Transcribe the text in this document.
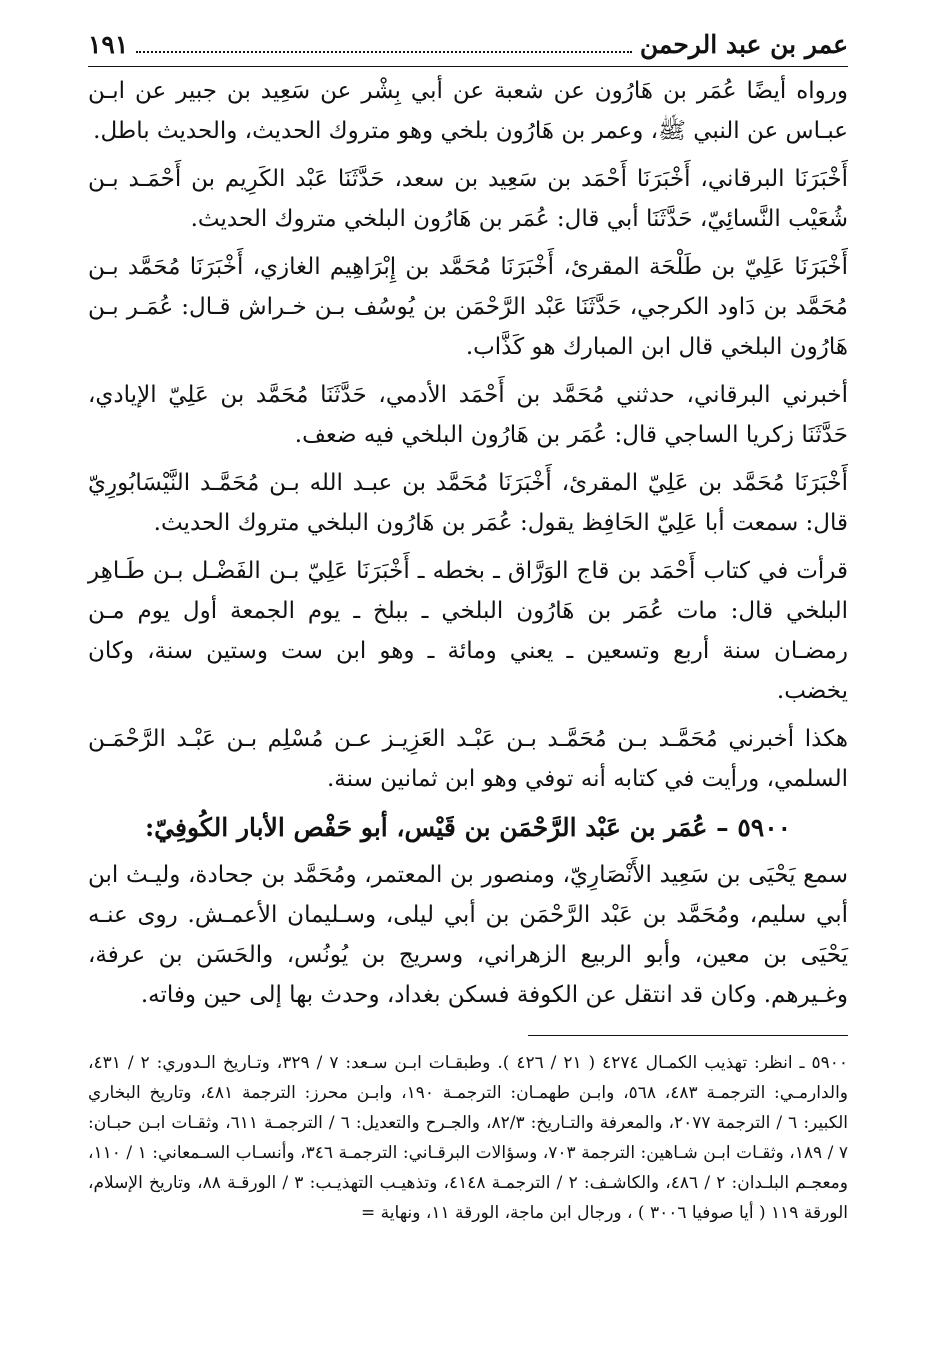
عمر بن عبد الرحمن
١٩١

ورواه أيضًا عُمَر بن هَارُون عن شعبة عن أبي بِشْر عن سَعِيد بن جبير عن ابـن عبـاس عن النبي ﷺ، وعمر بن هَارُون بلخي وهو متروك الحديث، والحديث باطل.

أَخْبَرَنَا البرقاني، أَخْبَرَنَا أَحْمَد بن سَعِيد بن سعد، حَدَّثَنَا عَبْد الكَرِيم بن أَحْمَـد بـن شُعَيْب النَّسائِيّ، حَدَّثَنَا أبي قال: عُمَر بن هَارُون البلخي متروك الحديث.

أَخْبَرَنَا عَلِيّ بن طَلْحَة المقرئ، أَخْبَرَنَا مُحَمَّد بن إِبْرَاهِيم الغازي، أَخْبَرَنَا مُحَمَّد بـن مُحَمَّد بن دَاود الكرجي، حَدَّثَنَا عَبْد الرَّحْمَن بن يُوسُف بـن خـراش قـال: عُمَـر بـن هَارُون البلخي قال ابن المبارك هو كَذَّاب.

أخبرني البرقاني، حدثني مُحَمَّد بن أَحْمَد الأدمي، حَدَّثَنَا مُحَمَّد بن عَلِيّ الإيادي، حَدَّثَنَا زكريا الساجي قال: عُمَر بن هَارُون البلخي فيه ضعف.

أَخْبَرَنَا مُحَمَّد بن عَلِيّ المقرئ، أَخْبَرَنَا مُحَمَّد بن عبـد الله بـن مُحَمَّـد النَّيْسَابُورِيّ قال: سمعت أبا عَلِيّ الحَافِظ يقول: عُمَر بن هَارُون البلخي متروك الحديث.

قرأت في كتاب أَحْمَد بن قاج الوَرَّاق ـ بخطه ـ أَخْبَرَنَا عَلِيّ بـن الفَضْـل بـن طَـاهِر البلخي قال: مات عُمَر بن هَارُون البلخي ـ ببلخ ـ يوم الجمعة أول يوم مـن رمضـان سنة أربع وتسعين ـ يعني ومائة ـ وهو ابن ست وستين سنة، وكان يخضب.

هكذا أخبرني مُحَمَّـد بـن مُحَمَّـد بـن عَبْـد العَزِيـز عـن مُسْلِم بـن عَبْـد الرَّحْمَـن السلمي، ورأيت في كتابه أنه توفي وهو ابن ثمانين سنة.

٥٩٠٠ – عُمَر بن عَبْد الرَّحْمَن بن قَيْس، أبو حَفْص الأبار الكُوفِيّ:

سمع يَحْيَى بن سَعِيد الأَنْصَارِيّ، ومنصور بن المعتمر، ومُحَمَّد بن جحادة، وليـث ابن أبي سليم، ومُحَمَّد بن عَبْد الرَّحْمَن بن أبي ليلى، وسـليمان الأعمـش. روى عنـه يَحْيَى بن معين، وأبو الربيع الزهراني، وسريج بن يُونُس، والحَسَن بن عرفة، وغـيرهم. وكان قد انتقل عن الكوفة فسكن بغداد، وحدث بها إلى حين وفاته.

٥٩٠٠ ـ انظر: تهذيب الكمـال ٤٢٧٤ ( ٢١ / ٤٢٦ ). وطبقـات ابـن سـعد: ٧ / ٣٢٩، وتـاريخ الـدوري: ٢ / ٤٣١، والدارمـي: الترجمـة ٤٨٣، ٥٦٨، وابـن طهمـان: الترجمـة ١٩٠، وابـن محرز: الترجمة ٤٨١، وتاريخ البخاري الكبير: ٦ / الترجمة ٢٠٧٧، والمعرفة والتـاريخ: ٨٢/٣، والجـرح والتعديل: ٦ / الترجمـة ٦١١، وثقـات ابـن حبـان: ٧ / ١٨٩، وثقـات ابـن شـاهين: الترجمة ٧٠٣، وسؤالات البرقـاني: الترجمـة ٣٤٦، وأنسـاب السـمعاني: ١ / ١١٠، ومعجـم البلـدان: ٢ / ٤٨٦، والكاشـف: ٢ / الترجمـة ٤١٤٨، وتذهيـب التهذيـب: ٣ / الورقـة ٨٨، وتاريخ الإسلام، الورقة ١١٩ ( أيا صوفيا ٣٠٠٦ ) ، ورجال ابن ماجة، الورقة ١١، ونهاية =
